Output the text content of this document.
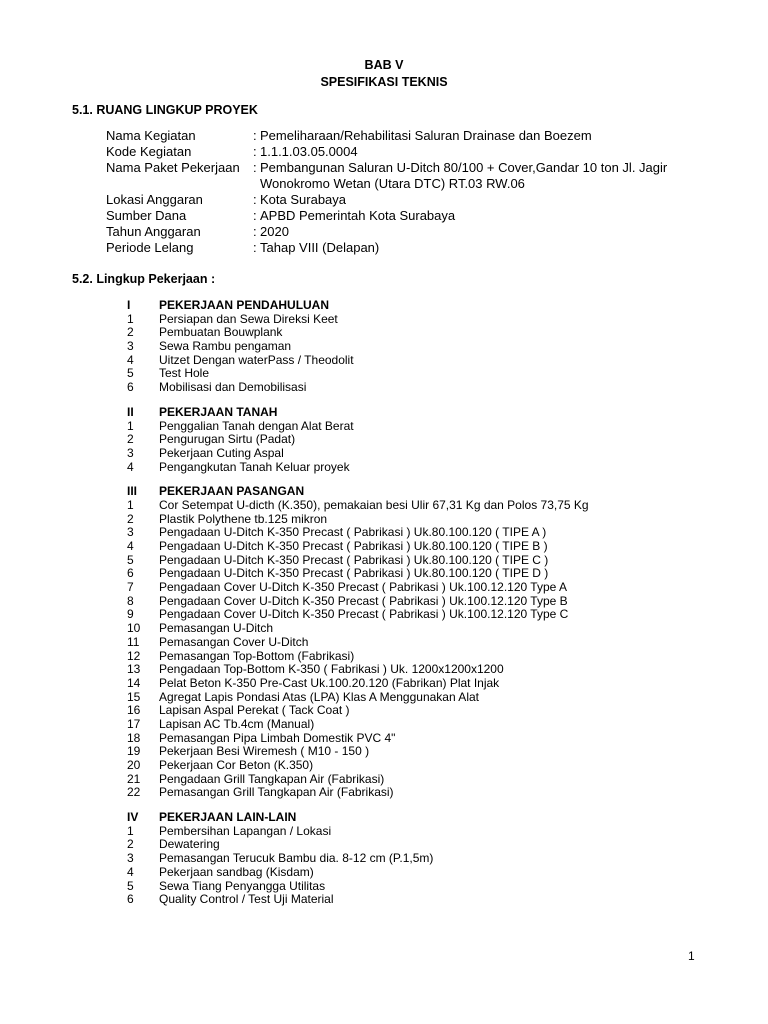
BAB V
SPESIFIKASI TEKNIS
5.1. RUANG LINGKUP PROYEK
Nama Kegiatan	: Pemeliharaan/Rehabilitasi Saluran Drainase dan Boezem
Kode Kegiatan	: 1.1.1.03.05.0004
Nama Paket Pekerjaan : Pembangunan Saluran U-Ditch 80/100 + Cover,Gandar 10 ton Jl. Jagir Wonokromo Wetan (Utara DTC) RT.03 RW.06
Lokasi Anggaran	: Kota Surabaya
Sumber Dana	: APBD Pemerintah Kota Surabaya
Tahun Anggaran	: 2020
Periode Lelang	: Tahap VIII (Delapan)
5.2. Lingkup Pekerjaan :
I PEKERJAAN PENDAHULUAN
1 Persiapan dan Sewa Direksi Keet
2 Pembuatan Bouwplank
3 Sewa Rambu pengaman
4 Uitzet Dengan waterPass / Theodolit
5 Test Hole
6 Mobilisasi dan Demobilisasi
II PEKERJAAN TANAH
1 Penggalian Tanah dengan Alat Berat
2 Pengurugan Sirtu (Padat)
3 Pekerjaan Cuting Aspal
4 Pengangkutan Tanah Keluar proyek
III PEKERJAAN PASANGAN
1 Cor Setempat U-dicth (K.350), pemakaian besi Ulir 67,31 Kg dan Polos 73,75 Kg
2 Plastik Polythene tb.125 mikron
3 Pengadaan U-Ditch K-350 Precast ( Pabrikasi ) Uk.80.100.120 ( TIPE A )
4 Pengadaan U-Ditch K-350 Precast ( Pabrikasi ) Uk.80.100.120 ( TIPE B )
5 Pengadaan U-Ditch K-350 Precast ( Pabrikasi ) Uk.80.100.120 ( TIPE C )
6 Pengadaan U-Ditch K-350 Precast ( Pabrikasi ) Uk.80.100.120 ( TIPE D )
7 Pengadaan Cover U-Ditch K-350 Precast ( Pabrikasi ) Uk.100.12.120 Type A
8 Pengadaan Cover U-Ditch K-350 Precast ( Pabrikasi ) Uk.100.12.120 Type B
9 Pengadaan Cover U-Ditch K-350 Precast ( Pabrikasi ) Uk.100.12.120 Type C
10 Pemasangan U-Ditch
11 Pemasangan Cover U-Ditch
12 Pemasangan Top-Bottom (Fabrikasi)
13 Pengadaan Top-Bottom K-350 ( Fabrikasi ) Uk. 1200x1200x1200
14 Pelat Beton K-350 Pre-Cast Uk.100.20.120 (Fabrikan) Plat Injak
15 Agregat Lapis Pondasi Atas (LPA) Klas A Menggunakan Alat
16 Lapisan Aspal Perekat ( Tack Coat )
17 Lapisan AC Tb.4cm (Manual)
18 Pemasangan Pipa Limbah Domestik PVC 4"
19 Pekerjaan Besi Wiremesh ( M10 - 150 )
20 Pekerjaan Cor Beton (K.350)
21 Pengadaan Grill Tangkapan Air (Fabrikasi)
22 Pemasangan Grill Tangkapan Air (Fabrikasi)
IV PEKERJAAN LAIN-LAIN
1 Pembersihan Lapangan / Lokasi
2 Dewatering
3 Pemasangan Terucuk Bambu dia. 8-12 cm (P.1,5m)
4 Pekerjaan sandbag (Kisdam)
5 Sewa Tiang Penyangga Utilitas
6 Quality Control / Test Uji Material
1
